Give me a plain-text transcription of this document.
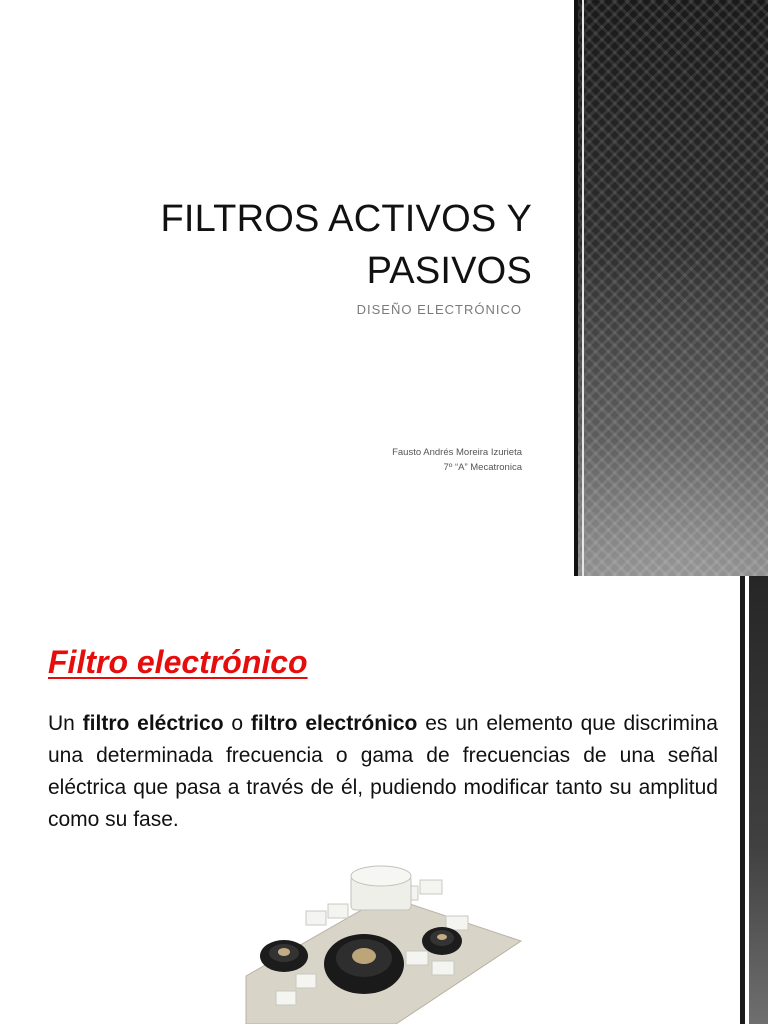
FILTROS ACTIVOS Y
PASIVOS
DISEÑO ELECTRÓNICO
Fausto Andrés Moreira Izurieta
7º “A” Mecatronica
Filtro electrónico
Un filtro eléctrico o filtro electrónico es un elemento que discrimina una determinada frecuencia o gama de frecuencias de una señal eléctrica que pasa a través de él, pudiendo modificar tanto su amplitud como su fase.
